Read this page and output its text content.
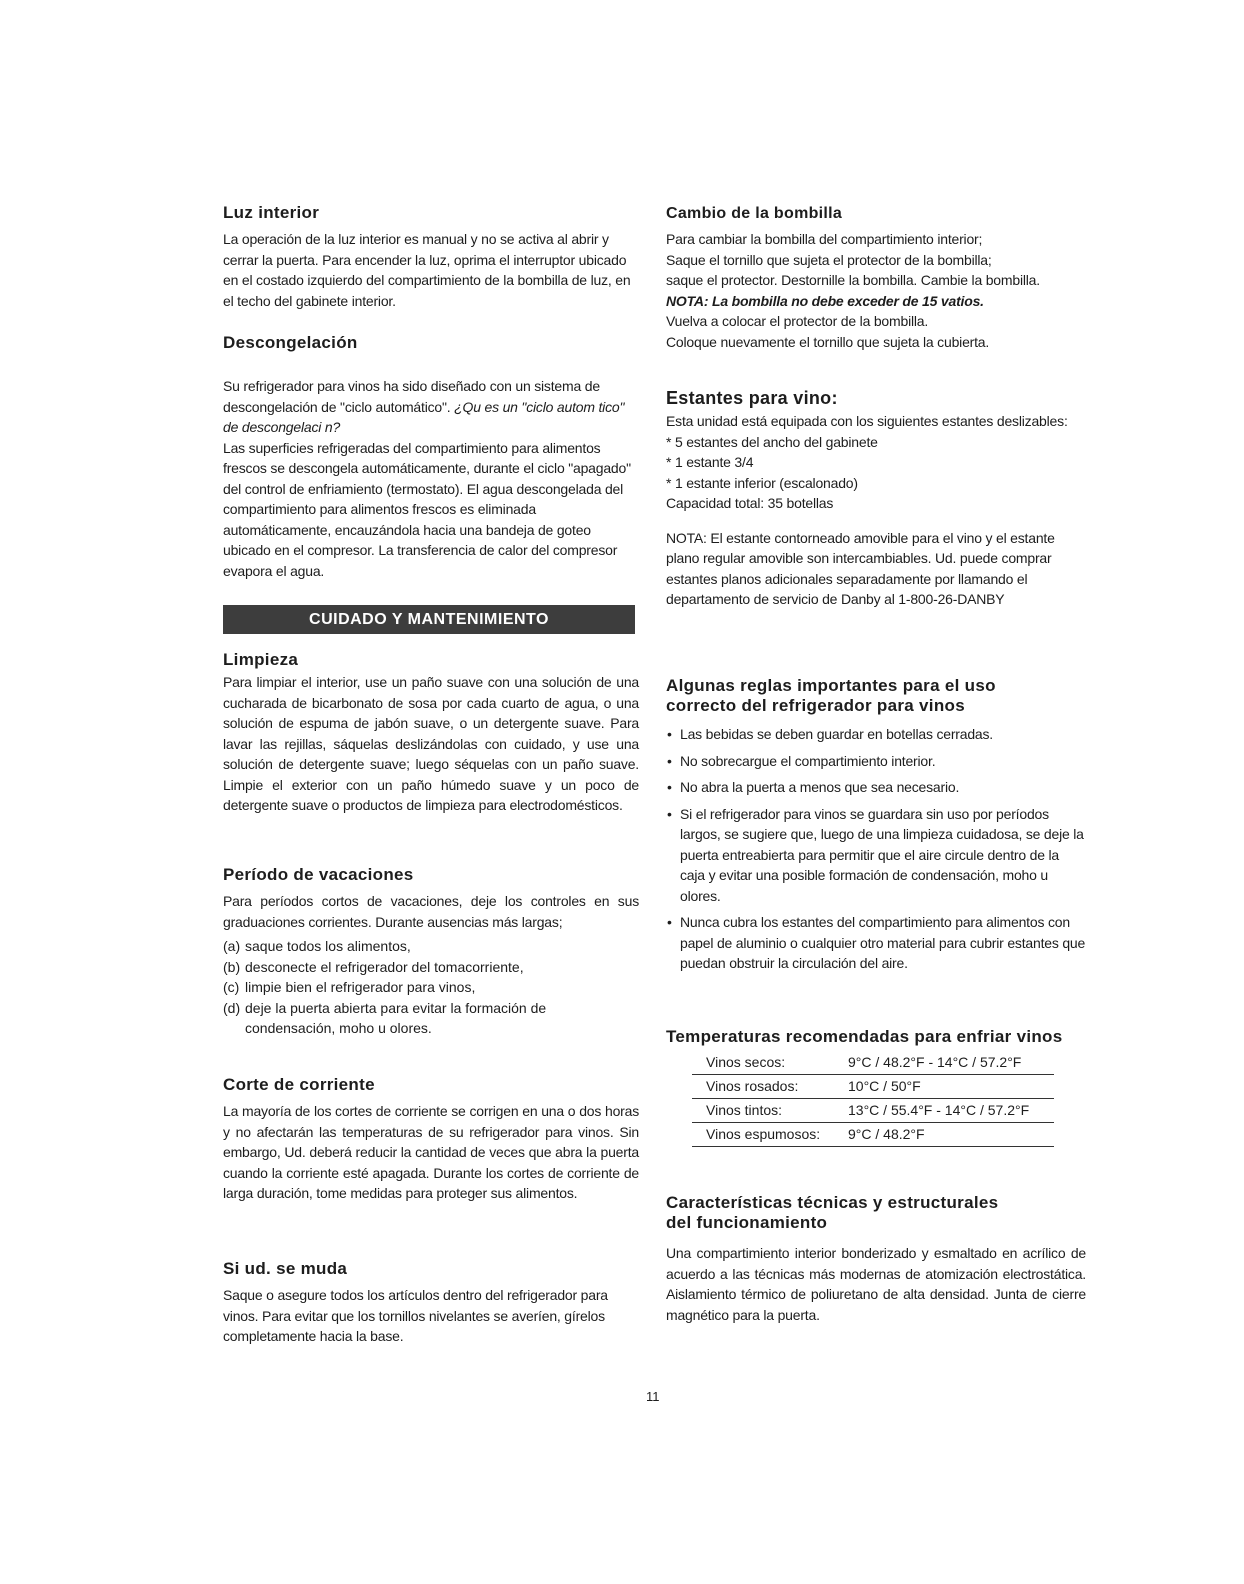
Luz interior

La operación de la luz interior es manual y no se activa al abrir y cerrar la puerta. Para encender la luz, oprima el interruptor ubicado en el costado izquierdo del compartimiento de la bombilla de luz, en el techo del gabinete interior.

Descongelación

Su refrigerador para vinos ha sido diseñado con un sistema de descongelación de "ciclo automático". ¿Qu es un "ciclo autom tico" de descongelaci n?

Las superficies refrigeradas del compartimiento para alimentos frescos se descongela automáticamente, durante el ciclo "apagado" del control de enfriamiento (termostato). El agua descongelada del compartimiento para alimentos frescos es eliminada automáticamente, encauzándola hacia una bandeja de goteo ubicado en el compresor. La transferencia de calor del compresor evapora el agua.

CUIDADO Y MANTENIMIENTO
Limpieza

Para limpiar el interior, use un paño suave con una solución de una cucharada de bicarbonato de sosa por cada cuarto de agua, o una solución de espuma de jabón suave, o un detergente suave. Para lavar las rejillas, sáquelas deslizándolas con cuidado, y use una solución de detergente suave; luego séquelas con un paño suave. Limpie el exterior con un paño húmedo suave y un poco de detergente suave o productos de limpieza para electrodomésticos.

Período de vacaciones

Para períodos cortos de vacaciones, deje los controles en sus graduaciones corrientes. Durante ausencias más largas;

(a) saque todos los alimentos,
(b) desconecte el refrigerador del tomacorriente,
(c) limpie bien el refrigerador para vinos,
(d) deje la puerta abierta para evitar la formación de condensación, moho u olores.
Corte de corriente

La mayoría de los cortes de corriente se corrigen en una o dos horas y no afectarán las temperaturas de su refrigerador para vinos. Sin embargo, Ud. deberá reducir la cantidad de veces que abra la puerta cuando la corriente esté apagada. Durante los cortes de corriente de larga duración, tome medidas para proteger sus alimentos.

Si ud. se muda

Saque o asegure todos los artículos dentro del refrigerador para vinos. Para evitar que los tornillos nivelantes se averíen, gírelos completamente hacia la base.

Cambio de la bombilla

Para cambiar la bombilla del compartimiento interior;

Saque el tornillo que sujeta el protector de la bombilla;

saque el protector. Destornille la bombilla. Cambie la bombilla.

NOTA: La bombilla no debe exceder de 15 vatios.

Vuelva a colocar el protector de la bombilla.

Coloque nuevamente el tornillo que sujeta la cubierta.

Estantes para vino:

Esta unidad está equipada con los siguientes estantes deslizables:

* 5 estantes del ancho del gabinete

* 1 estante 3/4

* 1 estante inferior (escalonado)

Capacidad total: 35 botellas

NOTA: El estante contorneado amovible para el vino y el estante plano regular amovible son intercambiables. Ud. puede comprar estantes planos adicionales separadamente por llamando el departamento de servicio de Danby al 1-800-26-DANBY

Algunas reglas importantes para el uso
correcto del refrigerador para vinos
• Las bebidas se deben guardar en botellas cerradas.
• No sobrecargue el compartimiento interior.
• No abra la puerta a menos que sea necesario.
• Si el refrigerador para vinos se guardara sin uso por períodos largos, se sugiere que, luego de una limpieza cuidadosa, se deje la puerta entreabierta para permitir que el aire circule dentro de la caja y evitar una posible formación de condensación, moho u olores.
• Nunca cubra los estantes del compartimiento para alimentos con papel de aluminio o cualquier otro material para cubrir estantes que puedan obstruir la circulación del aire.
Temperaturas recomendadas para enfriar vinos
Vinos secos:	9°C / 48.2°F - 14°C / 57.2°F
Vinos rosados:	10°C / 50°F
Vinos tintos:	13°C / 55.4°F - 14°C / 57.2°F
Vinos espumosos:	9°C / 48.2°F
Características técnicas y estructurales
del funcionamiento

Una compartimiento interior bonderizado y esmaltado en acrílico de acuerdo a las técnicas más modernas de atomización electrostática. Aislamiento térmico de poliuretano de alta densidad. Junta de cierre magnético para la puerta.

11
